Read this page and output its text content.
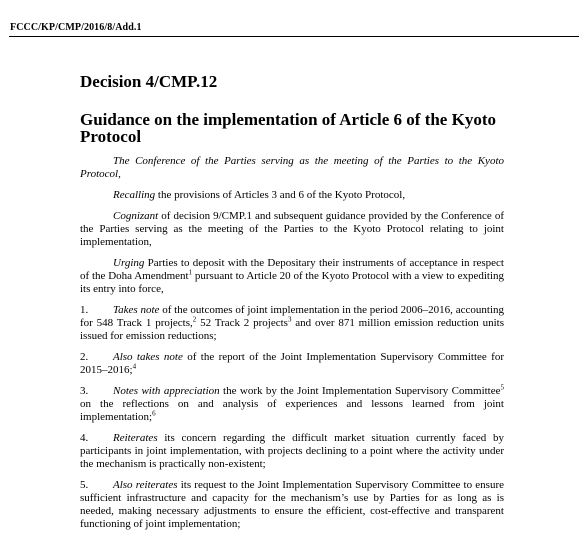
FCCC/KP/CMP/2016/8/Add.1
Decision 4/CMP.12
Guidance on the implementation of Article 6 of the Kyoto Protocol

The Conference of the Parties serving as the meeting of the Parties to the Kyoto Protocol,

Recalling the provisions of Articles 3 and 6 of the Kyoto Protocol,

Cognizant of decision 9/CMP.1 and subsequent guidance provided by the Conference of the Parties serving as the meeting of the Parties to the Kyoto Protocol relating to joint implementation,

Urging Parties to deposit with the Depositary their instruments of acceptance in respect of the Doha Amendment$^1$ pursuant to Article 20 of the Kyoto Protocol with a view to expediting its entry into force,

1. Takes note of the outcomes of joint implementation in the period 2006–2016, accounting for 548 Track 1 projects,$^2$ 52 Track 2 projects$^3$ and over 871 million emission reduction units issued for emission reductions;

2. Also takes note of the report of the Joint Implementation Supervisory Committee for 2015–2016;$^4$

3. Notes with appreciation the work by the Joint Implementation Supervisory Committee$^5$ on the reflections on and analysis of experiences and lessons learned from joint implementation;$^6$

4. Reiterates its concern regarding the difficult market situation currently faced by participants in joint implementation, with projects declining to a point where the activity under the mechanism is practically non-existent;

5. Also reiterates its request to the Joint Implementation Supervisory Committee to ensure sufficient infrastructure and capacity for the mechanism’s use by Parties for as long as is needed, making necessary adjustments to ensure the efficient, cost-effective and transparent functioning of joint implementation;
